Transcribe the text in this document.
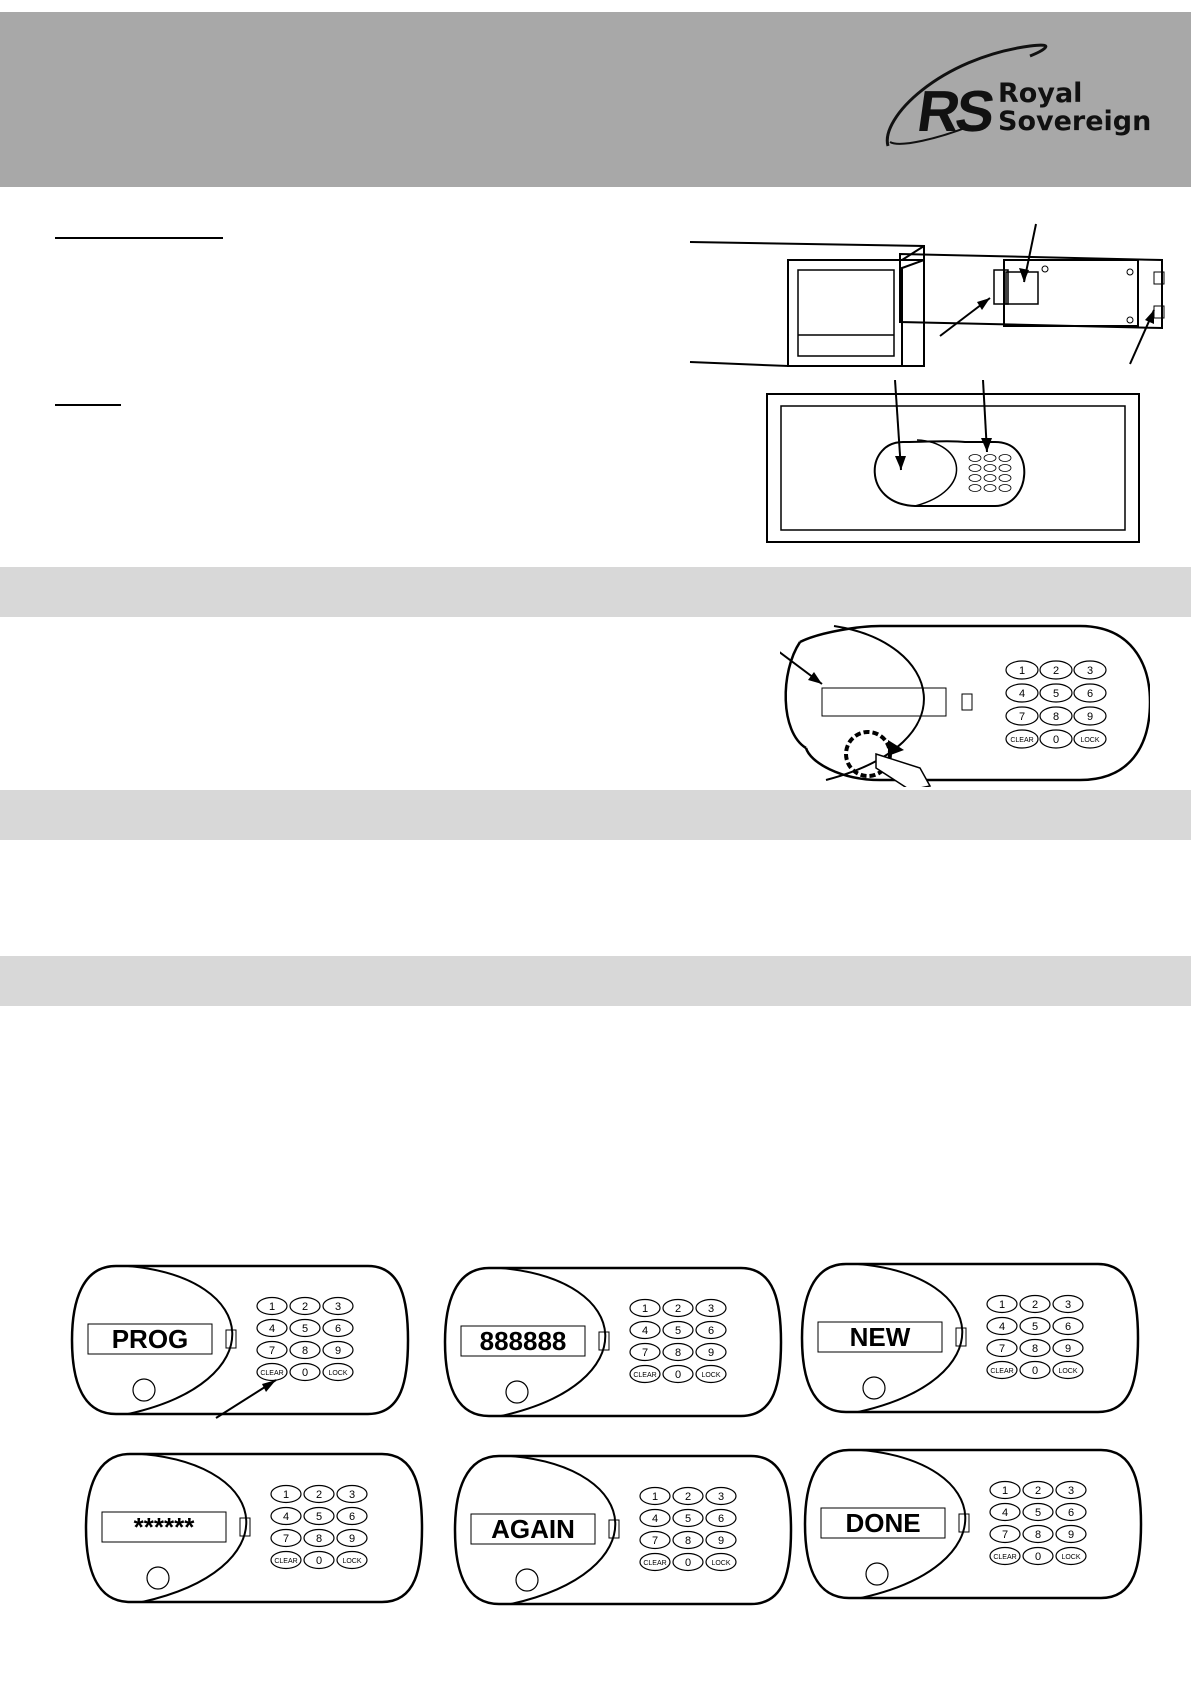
RS Royal
Sovereign
1	2	3
4	5	6
7	8	9
CLEAR 0	LOCK
1 2 3
4 5 6
7 8 9
CLEAR 0	LOCK
PROG
1 2 3
4 5 6
7 8 9
CLEAR 0	LOCK
888888
1 2 3
4 5 6
7 8 9
CLEAR 0	LOCK
NEW
1 2 3
4 5 6
7 8 9
CLEAR 0	LOCK
******
1 2 3
4 5 6
7 8 9
CLEAR 0	LOCK
AGAIN
1 2 3
4 5 6
7 8 9
CLEAR 0	LOCK
DONE
